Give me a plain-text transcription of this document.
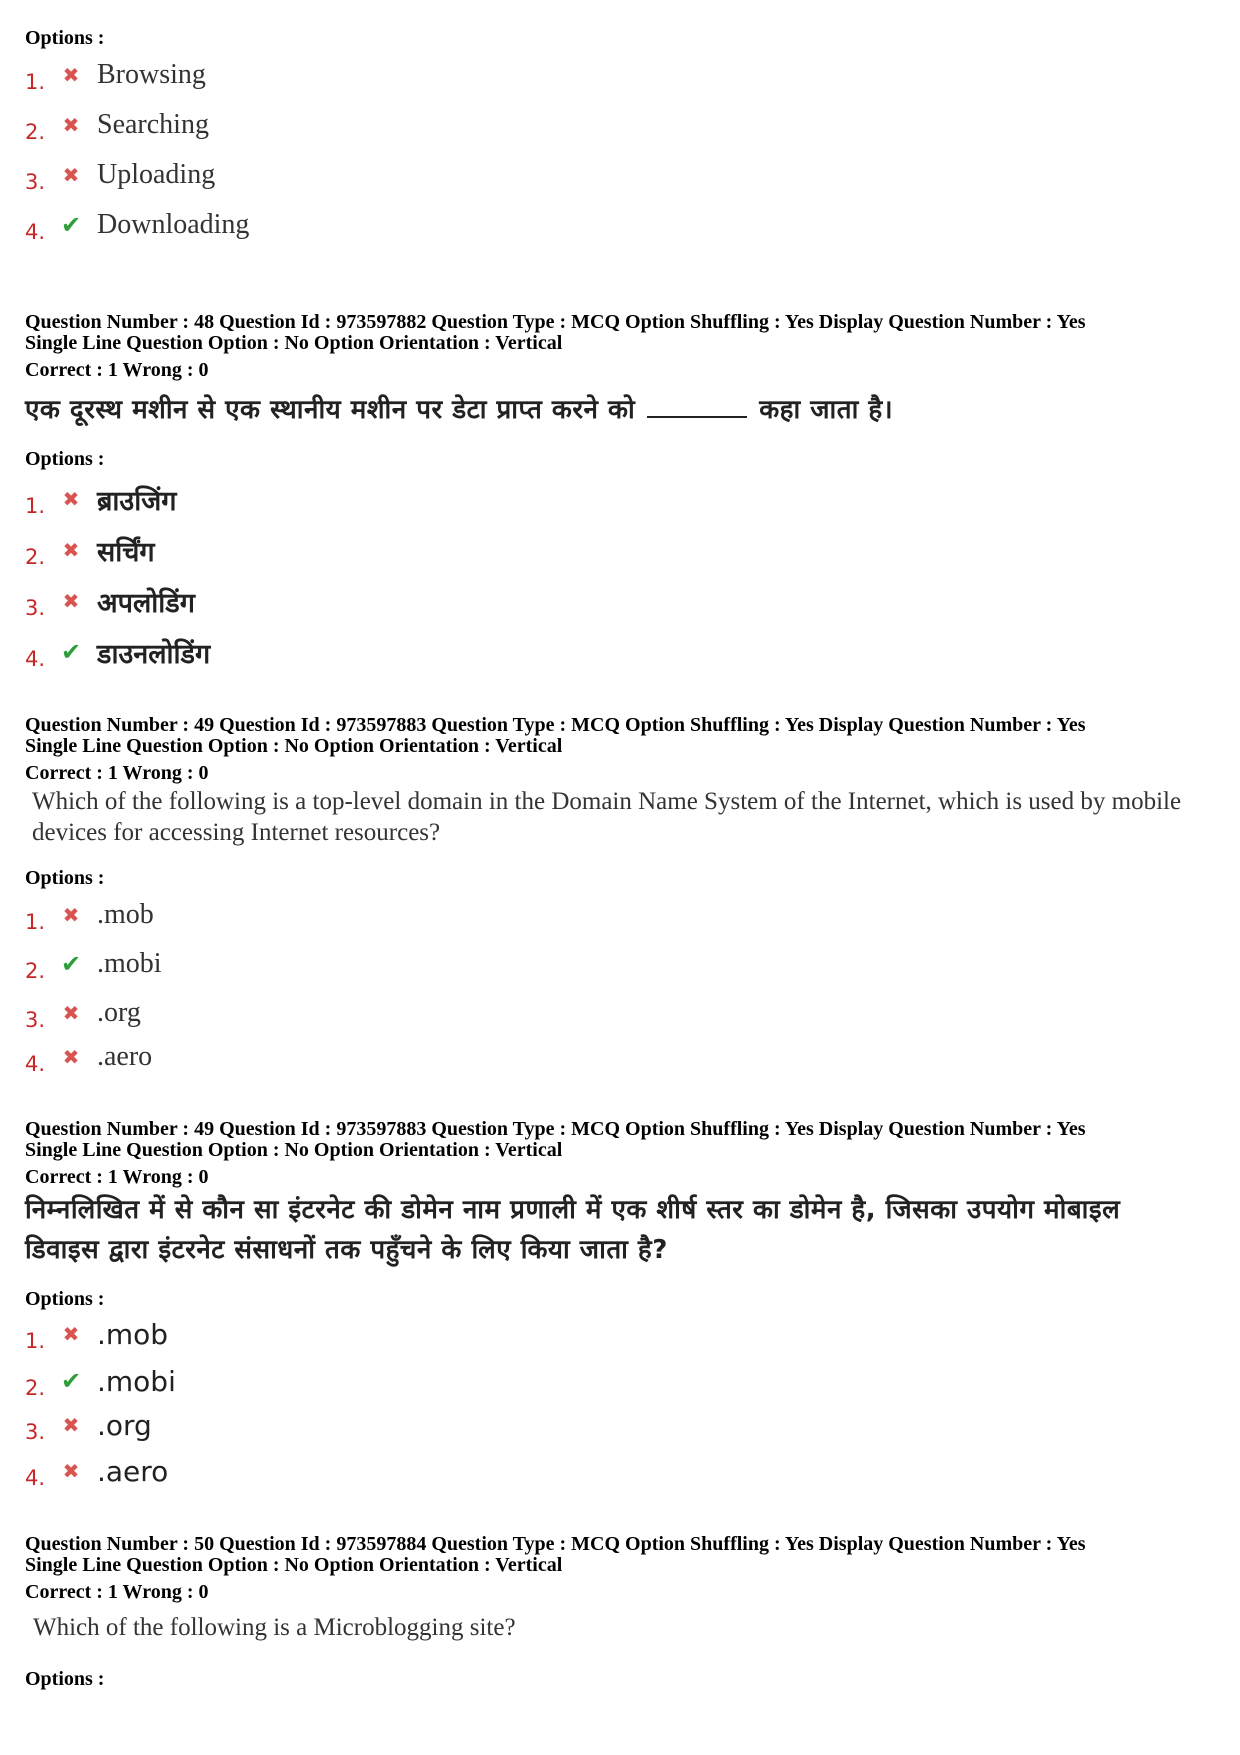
Options :

1. ✖ Browsing
2. ✖ Searching
3. ✖ Uploading
4. ✔ Downloading

Question Number : 48 Question Id : 973597882 Question Type : MCQ Option Shuffling : Yes Display Question Number : Yes

Single Line Question Option : No Option Orientation : Vertical

Correct : 1 Wrong : 0

एक दूरस्थ मशीन से एक स्थानीय मशीन पर डेटा प्राप्त करने को	कहा जाता है।

Options :

1. ✖ ब्राउजिंग
2. ✖ सर्चिंग
3. ✖ अपलोडिंग
4. ✔ डाउनलोडिंग

Question Number : 49 Question Id : 973597883 Question Type : MCQ Option Shuffling : Yes Display Question Number : Yes

Single Line Question Option : No Option Orientation : Vertical

Correct : 1 Wrong : 0

Which of the following is a top-level domain in the Domain Name System of the Internet, which is used by mobile

devices for accessing Internet resources?

Options :

1. ✖ .mob
2. ✔ .mobi
3. ✖ .org
4. ✖ .aero

Question Number : 49 Question Id : 973597883 Question Type : MCQ Option Shuffling : Yes Display Question Number : Yes

Single Line Question Option : No Option Orientation : Vertical

Correct : 1 Wrong : 0

निम्नलिखित में से कौन सा इंटरनेट की डोमेन नाम प्रणाली में एक शीर्ष स्तर का डोमेन है, जिसका उपयोग मोबाइल

डिवाइस द्वारा इंटरनेट संसाधनों तक पहुँचने के लिए किया जाता है?

Options :

1. ✖ .mob
2. ✔ .mobi
3. ✖ .org
4. ✖ .aero

Question Number : 50 Question Id : 973597884 Question Type : MCQ Option Shuffling : Yes Display Question Number : Yes

Single Line Question Option : No Option Orientation : Vertical

Correct : 1 Wrong : 0

Which of the following is a Microblogging site?

Options :
